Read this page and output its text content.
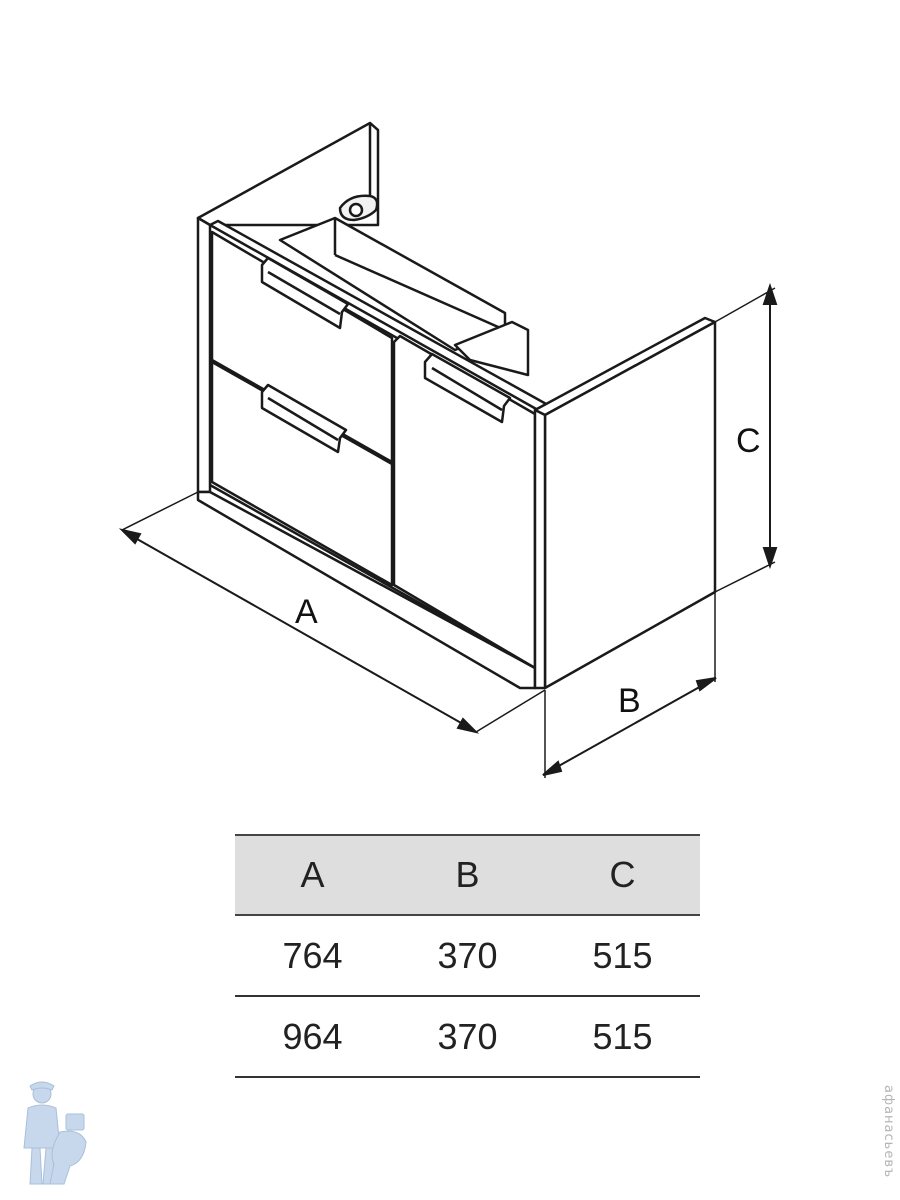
A
B
C
A	B	C
764	370	515
964	370	515
афанасьевъ
